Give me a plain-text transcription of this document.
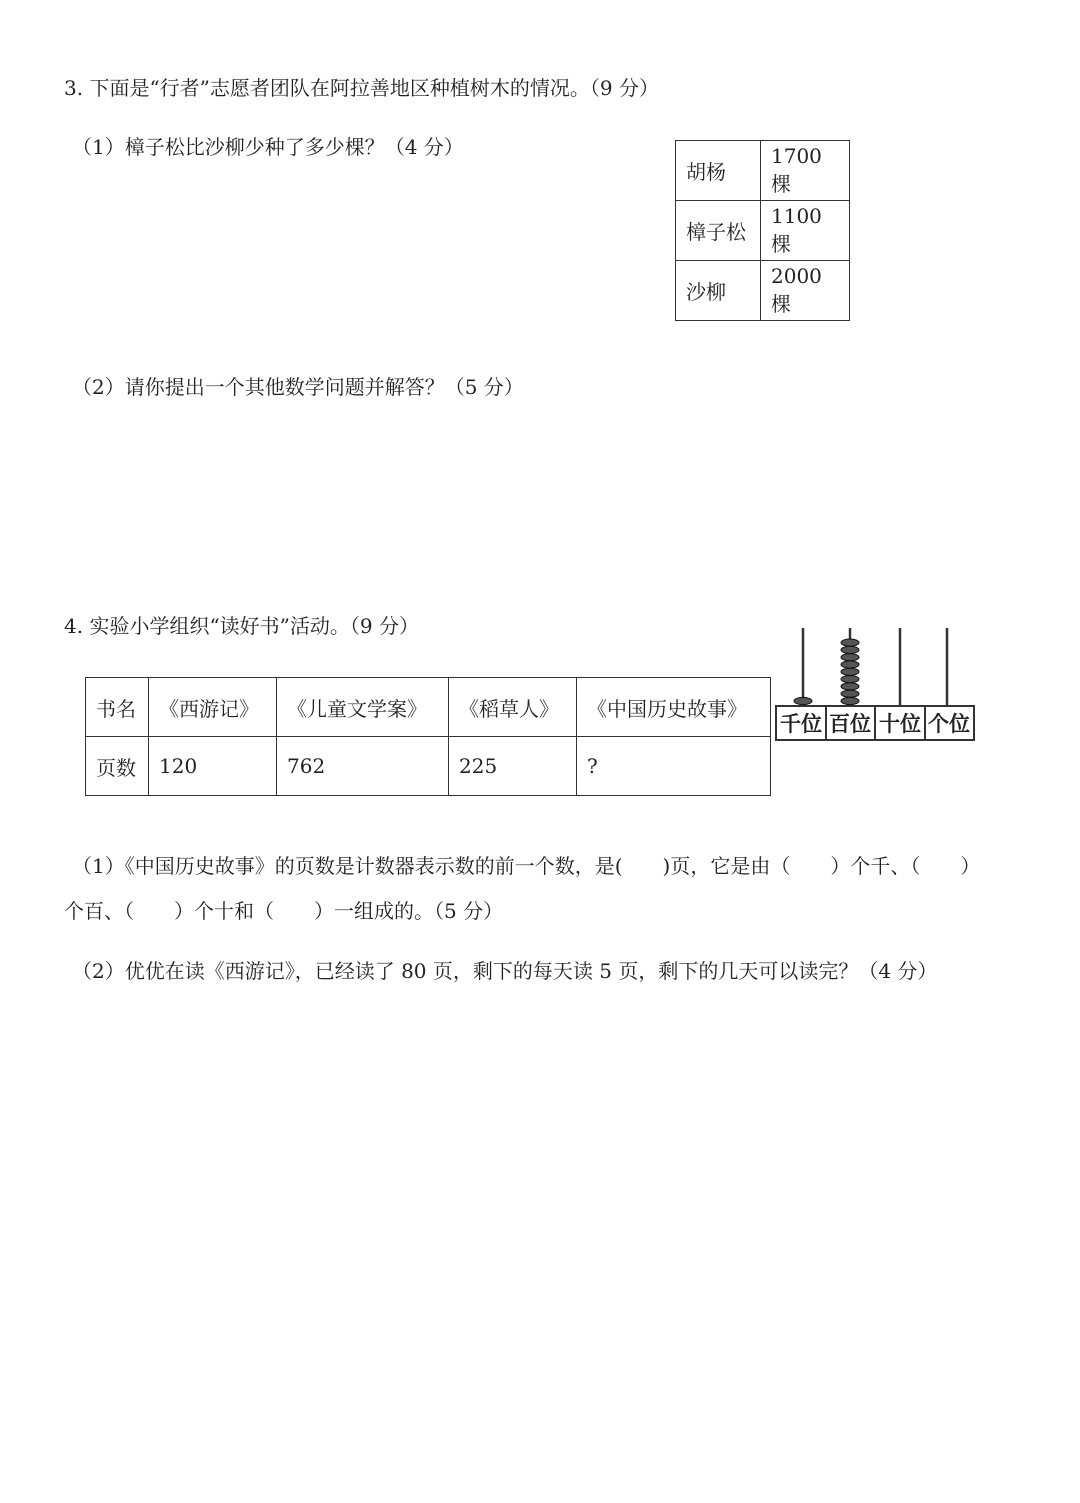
3. 下面是“行者”志愿者团队在阿拉善地区种植树木的情况。（9 分）
（1）樟子松比沙柳少种了多少棵？（4 分）
胡杨	1700 棵
樟子松	1100 棵
沙柳	2000 棵
（2）请你提出一个其他数学问题并解答？（5 分）
4. 实验小学组织“读好书”活动。（9 分）
书名	《西游记》	《儿童文学案》	《稻草人》	《中国历史故事》
页数	120	762	225	?
千位 百位 十位 个位
（1）《中国历史故事》的页数是计数器表示数的前一个数，是(　　)页，它是由（　　）个千、（　　）
个百、（　　）个十和（　　）一组成的。（5 分）
（2）优优在读《西游记》，已经读了 80 页，剩下的每天读 5 页，剩下的几天可以读完？（4 分）
